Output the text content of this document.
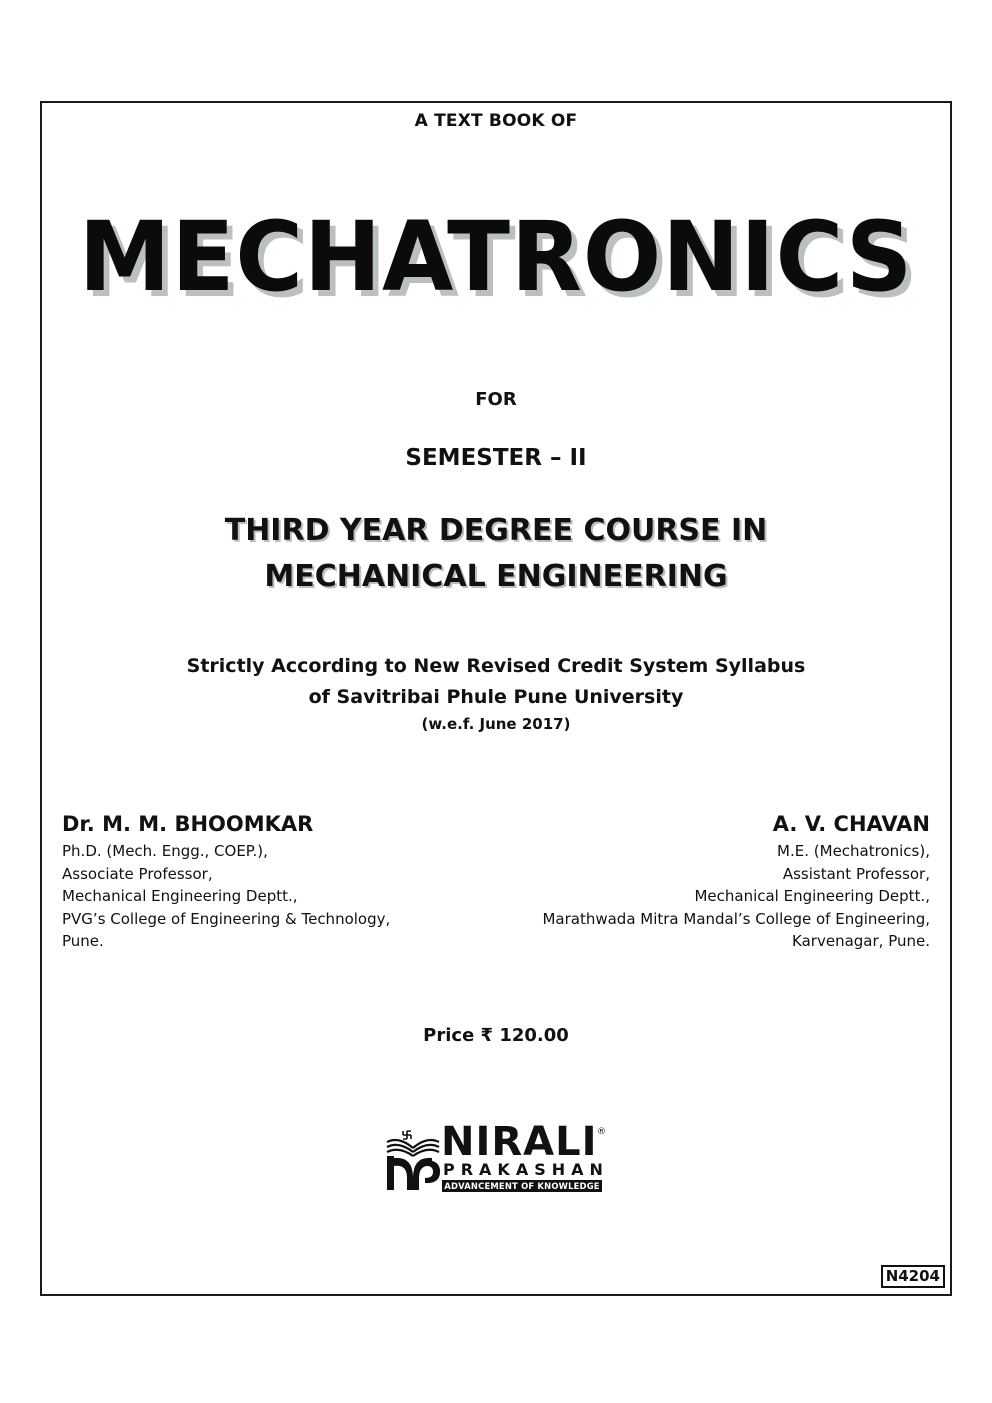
A TEXT BOOK OF
MECHATRONICS
FOR
SEMESTER – II
THIRD YEAR DEGREE COURSE IN
MECHANICAL ENGINEERING
Strictly According to New Revised Credit System Syllabus
of Savitribai Phule Pune University
(w.e.f. June 2017)
Dr. M. M. BHOOMKAR
Ph.D. (Mech. Engg., COEP.),
Associate Professor,
Mechanical Engineering Deptt.,
PVG’s College of Engineering & Technology,
Pune.
A. V. CHAVAN
M.E. (Mechatronics),
Assistant Professor,
Mechanical Engineering Deptt.,
Marathwada Mitra Mandal’s College of Engineering,
Karvenagar, Pune.
Price ₹ 120.00
NIRALI ®
PRAKASHAN
ADVANCEMENT OF KNOWLEDGE
N4204
